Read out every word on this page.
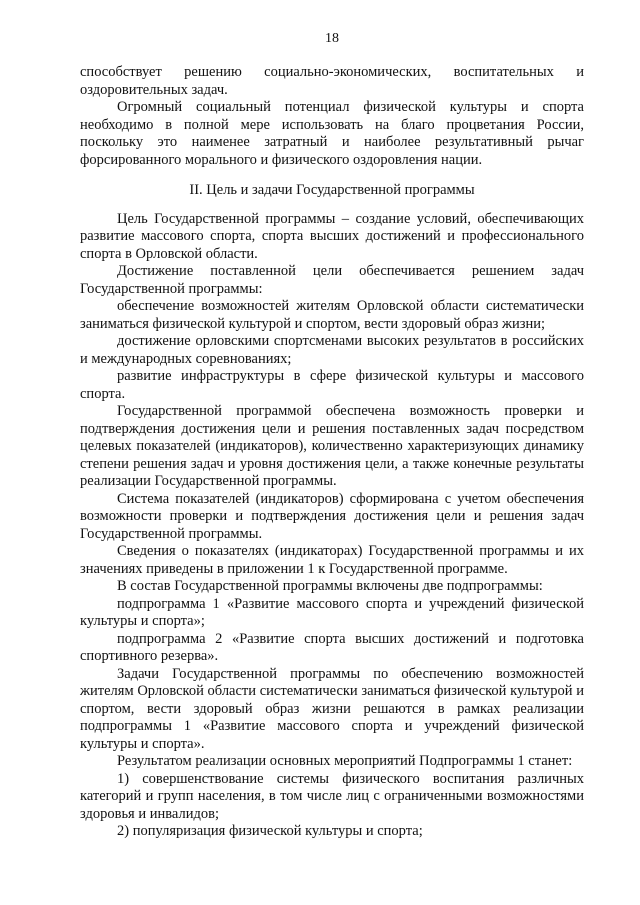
18

способствует решению социально-экономических, воспитательных и оздоровительных задач.

Огромный социальный потенциал физической культуры и спорта необходимо в полной мере использовать на благо процветания России, поскольку это наименее затратный и наиболее результативный рычаг форсированного морального и физического оздоровления нации.

II. Цель и задачи Государственной программы

Цель Государственной программы – создание условий, обеспечивающих развитие массового спорта, спорта высших достижений и профессионального спорта в Орловской области.

Достижение поставленной цели обеспечивается решением задач Государственной программы:

обеспечение возможностей жителям Орловской области систематически заниматься физической культурой и спортом, вести здоровый образ жизни;

достижение орловскими спортсменами высоких результатов в российских и международных соревнованиях;

развитие инфраструктуры в сфере физической культуры и массового спорта.

Государственной программой обеспечена возможность проверки и подтверждения достижения цели и решения поставленных задач посредством целевых показателей (индикаторов), количественно характеризующих динамику степени решения задач и уровня достижения цели, а также конечные результаты реализации Государственной программы.

Система показателей (индикаторов) сформирована с учетом обеспечения возможности проверки и подтверждения достижения цели и решения задач Государственной программы.

Сведения о показателях (индикаторах) Государственной программы и их значениях приведены в приложении 1 к Государственной программе.

В состав Государственной программы включены две подпрограммы:

подпрограмма 1 «Развитие массового спорта и учреждений физической культуры и спорта»;

подпрограмма 2 «Развитие спорта высших достижений и подготовка спортивного резерва».

Задачи Государственной программы по обеспечению возможностей жителям Орловской области систематически заниматься физической культурой и спортом, вести здоровый образ жизни решаются в рамках реализации подпрограммы 1 «Развитие массового спорта и учреждений физической культуры и спорта».

Результатом реализации основных мероприятий Подпрограммы 1 станет:

1) совершенствование системы физического воспитания различных категорий и групп населения, в том числе лиц с ограниченными возможностями здоровья и инвалидов;

2) популяризация физической культуры и спорта;
